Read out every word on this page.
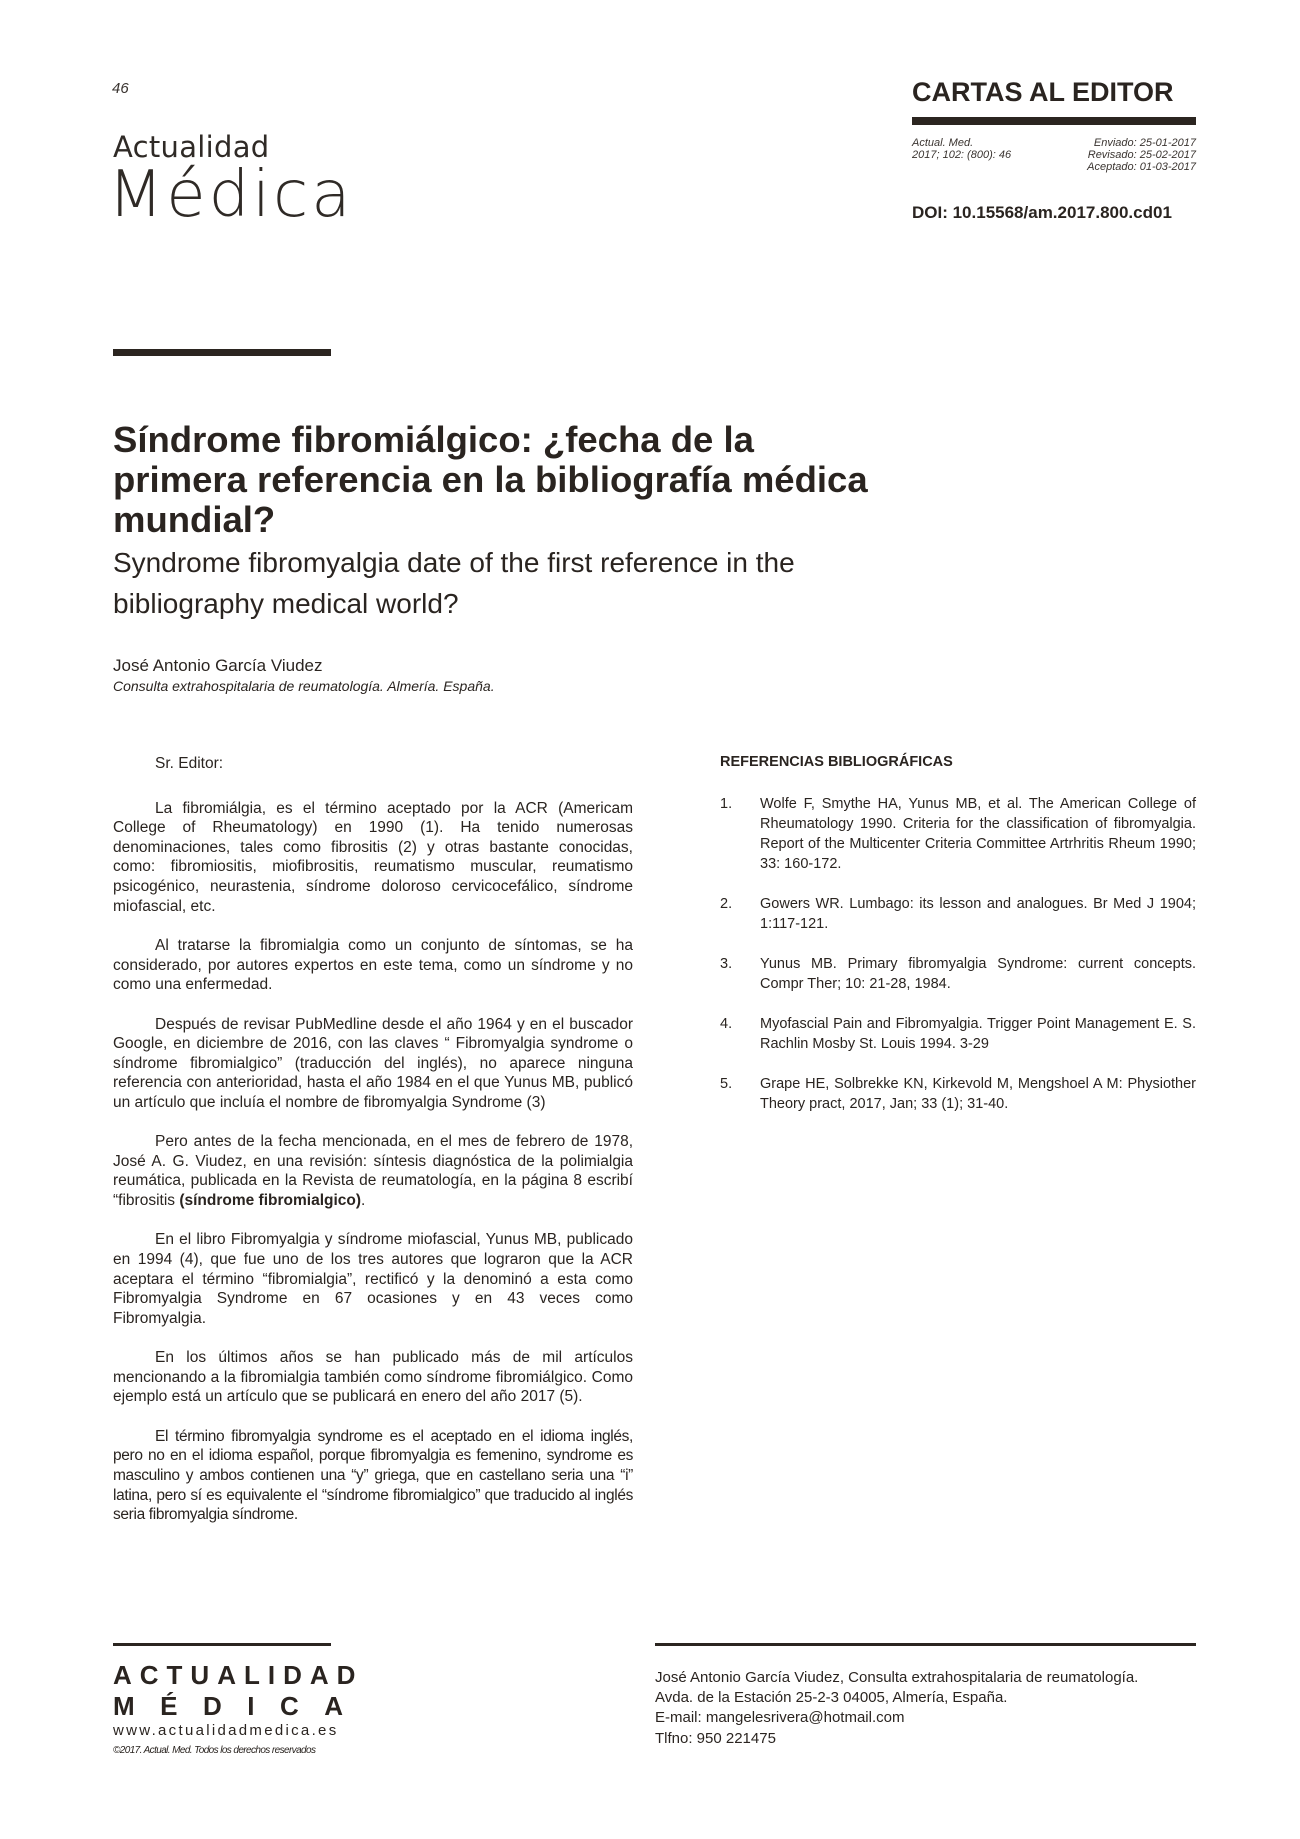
46
Actualidad
Médica
CARTAS AL EDITOR
Actual. Med.
2017; 102: (800): 46
Enviado: 25-01-2017
Revisado: 25-02-2017
Aceptado: 01-03-2017
DOI: 10.15568/am.2017.800.cd01
Síndrome fibromiálgico: ¿fecha de la primera referencia en la bibliografía médica mundial?
Syndrome fibromyalgia date of the first reference in the bibliography medical world?
José Antonio García Viudez
Consulta extrahospitalaria de reumatología. Almería. España.

Sr. Editor:

La fibromiálgia, es el término aceptado por la ACR (Americam College of Rheumatology) en 1990 (1). Ha tenido numerosas denominaciones, tales como fibrositis (2) y otras bastante conocidas, como: fibromiositis, miofibrositis, reumatismo muscular, reumatismo psicogénico, neurastenia, síndrome doloroso cervicocefálico, síndrome miofascial, etc.

Al tratarse la fibromialgia como un conjunto de síntomas, se ha considerado, por autores expertos en este tema, como un síndrome y no como una enfermedad.

Después de revisar PubMedline desde el año 1964 y en el buscador Google, en diciembre de 2016, con las claves “ Fibromyalgia syndrome o síndrome fibromialgico” (traducción del inglés), no aparece ninguna referencia con anterioridad, hasta el año 1984 en el que Yunus MB, publicó un artículo que incluía el nombre de fibromyalgia Syndrome (3)

Pero antes de la fecha mencionada, en el mes de febrero de 1978, José A. G. Viudez, en una revisión: síntesis diagnóstica de la polimialgia reumática, publicada en la Revista de reumatología, en la página 8 escribí “fibrositis (síndrome fibromialgico).

En el libro Fibromyalgia y síndrome miofascial, Yunus MB, publicado en 1994 (4), que fue uno de los tres autores que lograron que la ACR aceptara el término “fibromialgia”, rectificó y la denominó a esta como Fibromyalgia Syndrome en 67 ocasiones y en 43 veces como Fibromyalgia.

En los últimos años se han publicado más de mil artículos mencionando a la fibromialgia también como síndrome fibromiálgico. Como ejemplo está un artículo que se publicará en enero del año 2017 (5).

El término fibromyalgia syndrome es el aceptado en el idioma inglés, pero no en el idioma español, porque fibromyalgia es femenino, syndrome es masculino y ambos contienen una “y” griega, que en castellano seria una “i” latina, pero sí es equivalente el “síndrome fibromialgico” que traducido al inglés seria fibromyalgia síndrome.

REFERENCIAS BIBLIOGRÁFICAS
1.	Wolfe F, Smythe HA, Yunus MB, et al. The American College of Rheumatology 1990. Criteria for the classification of fibromyalgia. Report of the Multicenter Criteria Committee Artrhritis Rheum 1990; 33: 160-172.
2.	Gowers WR. Lumbago: its lesson and analogues. Br Med J 1904; 1:117-121.
3.	Yunus MB. Primary fibromyalgia Syndrome: current concepts. Compr Ther; 10: 21-28, 1984.
4.	Myofascial Pain and Fibromyalgia. Trigger Point Management E. S. Rachlin Mosby St. Louis 1994. 3-29
5.	Grape HE, Solbrekke KN, Kirkevold M, Mengshoel A M: Physiother Theory pract, 2017, Jan; 33 (1); 31-40.
ACTUALIDAD
MÉDICA
www.actualidadmedica.es
©2017. Actual. Med. Todos los derechos reservados
José Antonio García Viudez, Consulta extrahospitalaria de reumatología.
Avda. de la Estación 25-2-3 04005, Almería, España.
E-mail: mangelesrivera@hotmail.com
Tlfno: 950 221475
